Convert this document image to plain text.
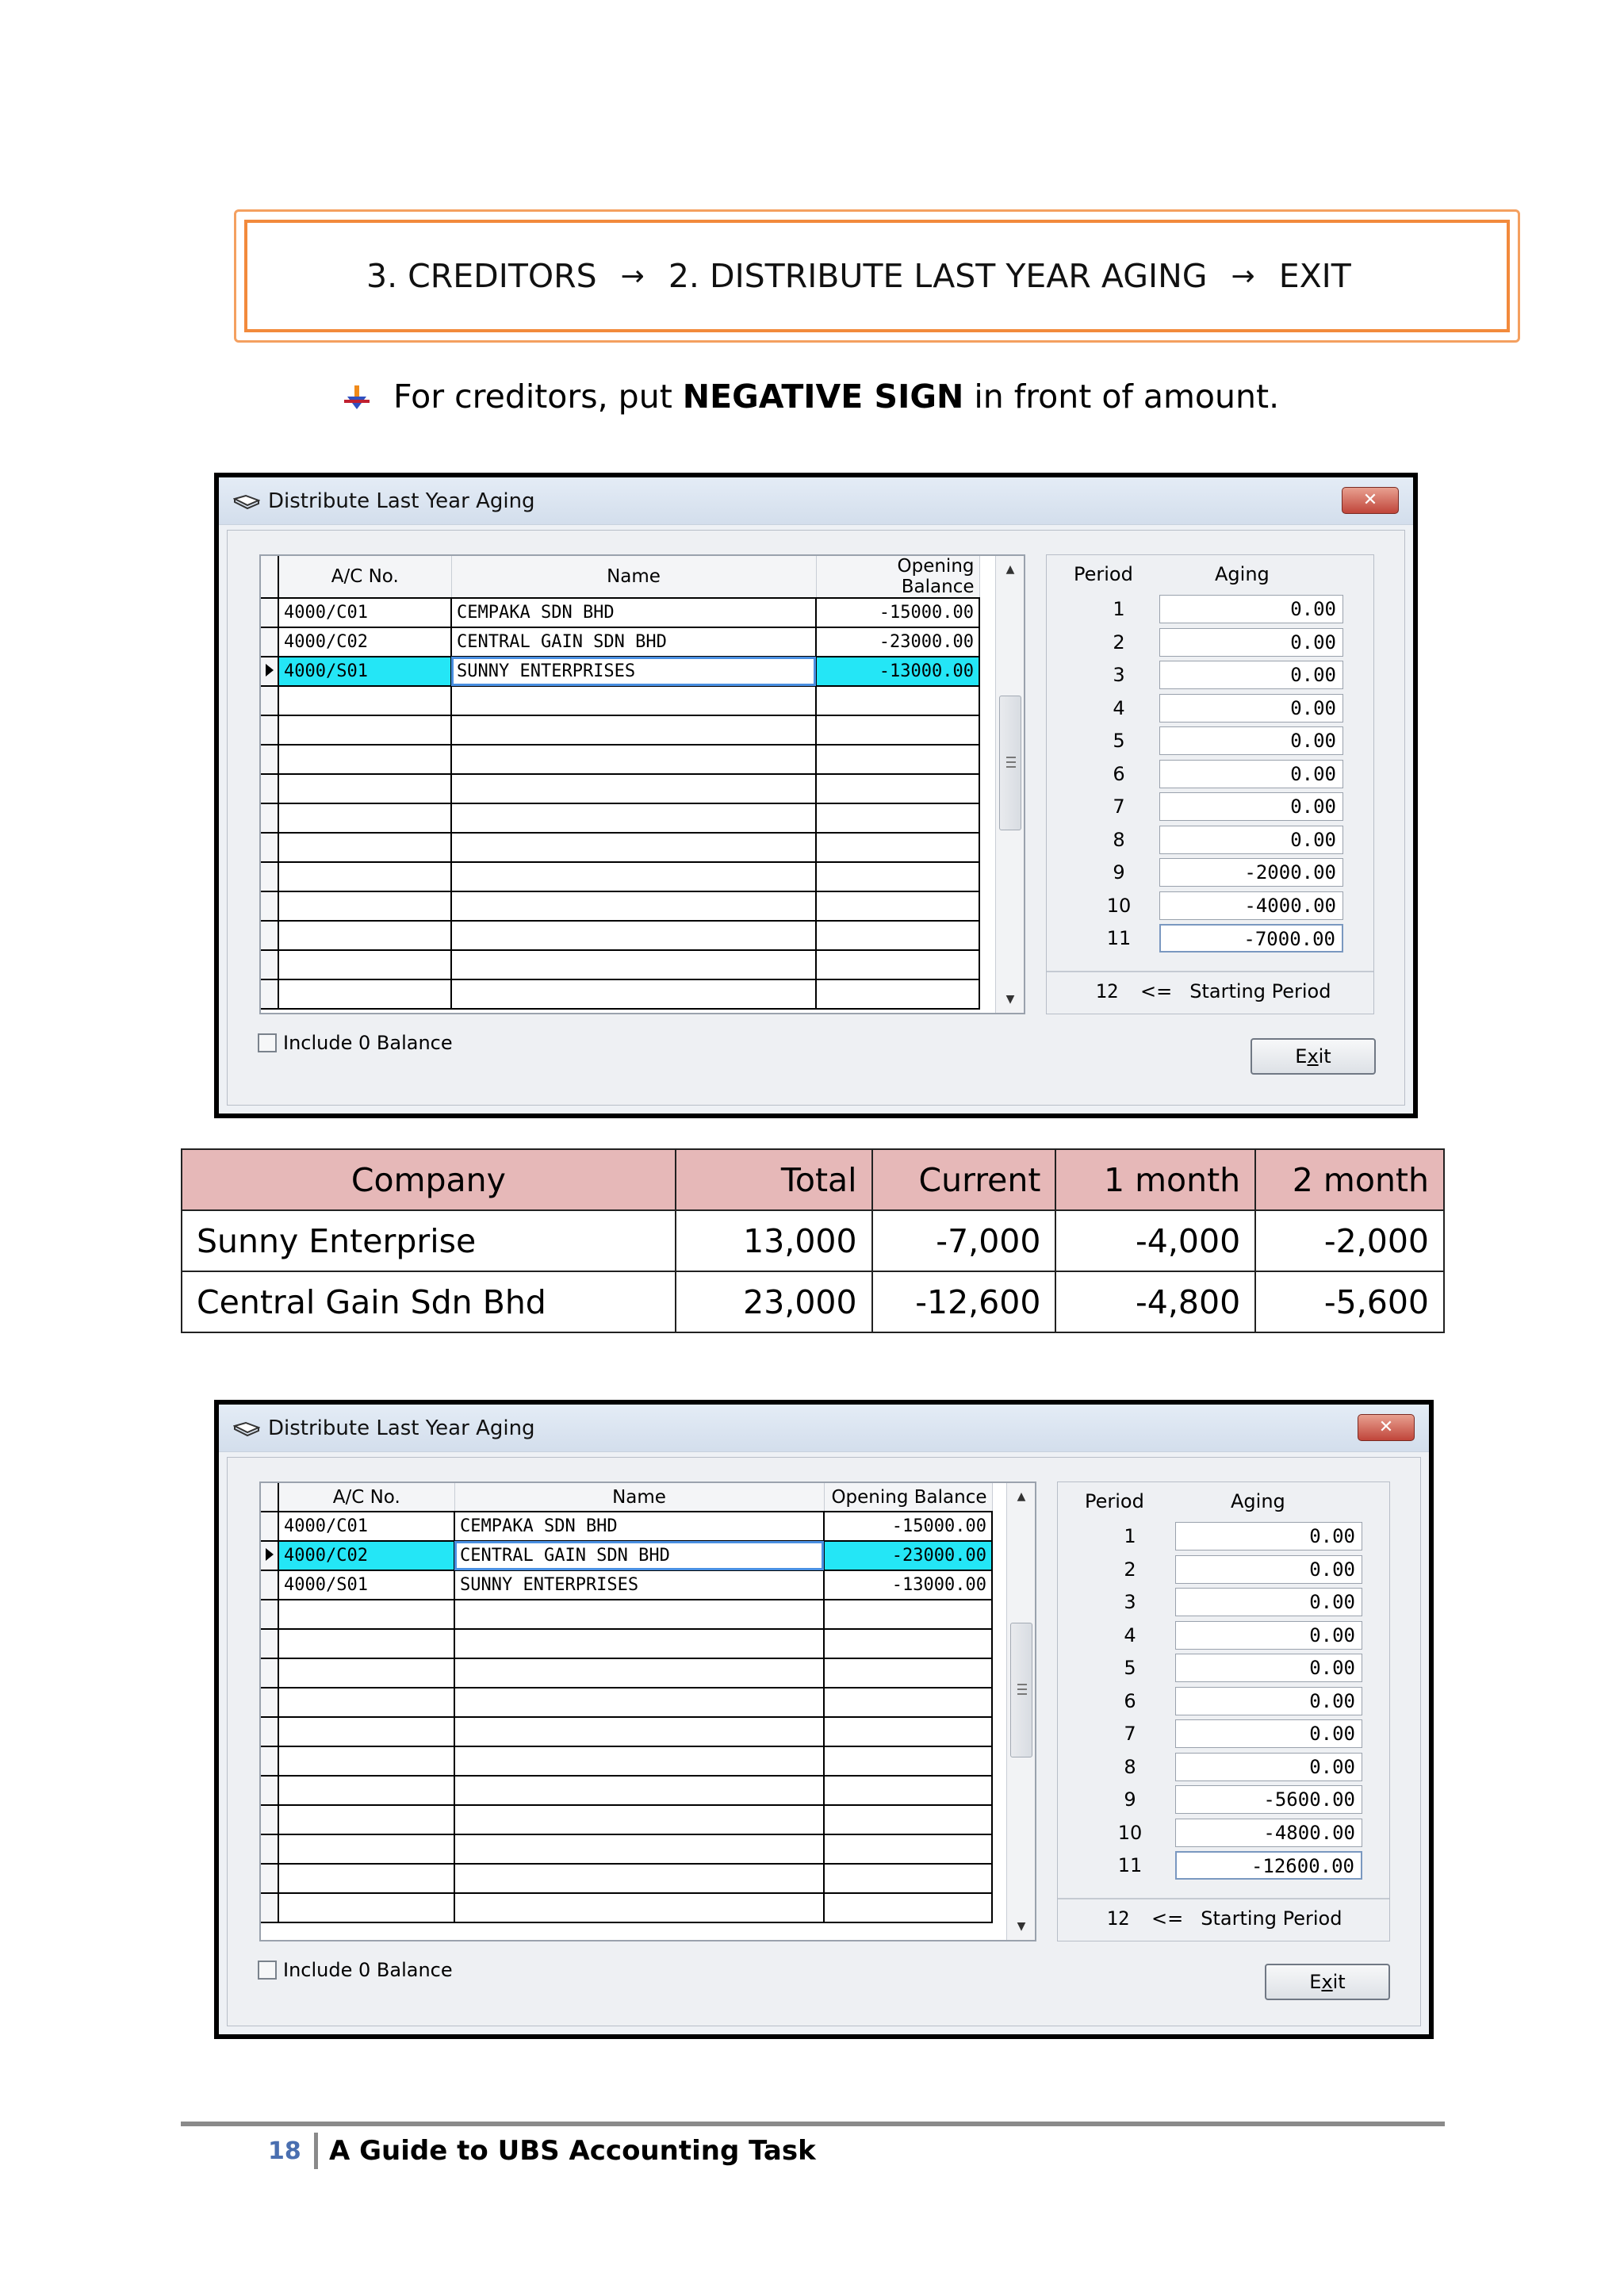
3. CREDITORS → 2. DISTRIBUTE LAST YEAR AGING → EXIT
For creditors, put NEGATIVE SIGN in front of amount.
Distribute Last Year Aging	✕
	A/C No.	Name	Opening Balance
	4000/C01	CEMPAKA SDN BHD	-15000.00
	4000/C02	CENTRAL GAIN SDN BHD	-23000.00
	4000/S01	SUNNY ENTERPRISES	-13000.00

▲
▼
Period	Aging
1	0.00
2	0.00
3	0.00
4	0.00
5	0.00
6	0.00
7	0.00
8	0.00
9	-2000.00
10	-4000.00
11	-7000.00
12 <= Starting Period
Include 0 Balance
Exit
Company	Total	Current	1 month	2 month
Sunny Enterprise	13,000	-7,000	-4,000	-2,000
Central Gain Sdn Bhd	23,000	-12,600	-4,800	-5,600
Distribute Last Year Aging	✕
	A/C No.	Name	Opening Balance
	4000/C01	CEMPAKA SDN BHD	-15000.00
	4000/C02	CENTRAL GAIN SDN BHD	-23000.00
	4000/S01	SUNNY ENTERPRISES	-13000.00

▲
▼
Period	Aging
1	0.00
2	0.00
3	0.00
4	0.00
5	0.00
6	0.00
7	0.00
8	0.00
9	-5600.00
10	-4800.00
11	-12600.00
12 <= Starting Period
Include 0 Balance
Exit
18 A Guide to UBS Accounting Task
